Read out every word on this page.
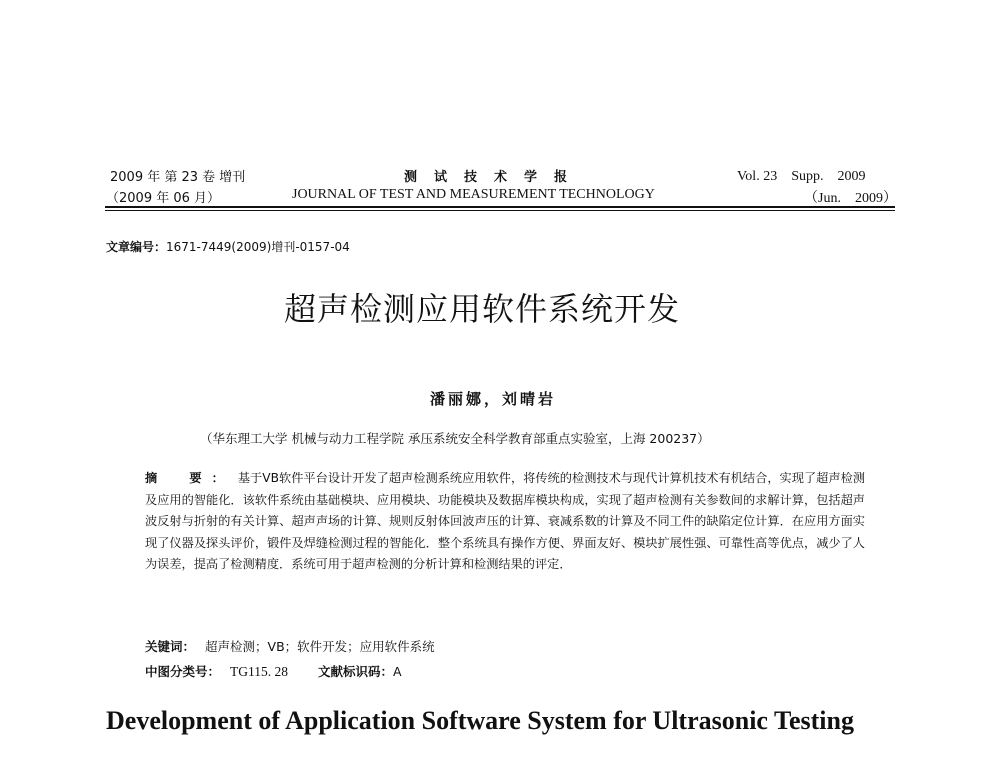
2009 年 第 23 卷 增刊
（2009 年 06 月）
测　试　技　术　学　报
JOURNAL OF TEST AND MEASUREMENT TECHNOLOGY
Vol. 23　Supp.　2009
（Jun.　2009）
文章编号：1671-7449(2009)增刊-0157-04
超声检测应用软件系统开发
潘丽娜，刘晴岩
（华东理工大学 机械与动力工程学院 承压系统安全科学教育部重点实验室，上海 200237）
摘　要： 基于VB软件平台设计开发了超声检测系统应用软件，将传统的检测技术与现代计算机技术有机结合，实现了超声检测及应用的智能化．该软件系统由基础模块、应用模块、功能模块及数据库模块构成，实现了超声检测有关参数间的求解计算，包括超声波反射与折射的有关计算、超声声场的计算、规则反射体回波声压的计算、衰减系数的计算及不同工件的缺陷定位计算．在应用方面实现了仪器及探头评价，锻件及焊缝检测过程的智能化．整个系统具有操作方便、界面友好、模块扩展性强、可靠性高等优点，减少了人为误差，提高了检测精度．系统可用于超声检测的分析计算和检测结果的评定．
关键词： 超声检测；VB；软件开发；应用软件系统
中图分类号： TG115. 28 文献标识码：A
Development of Application Software System for Ultrasonic Testing
